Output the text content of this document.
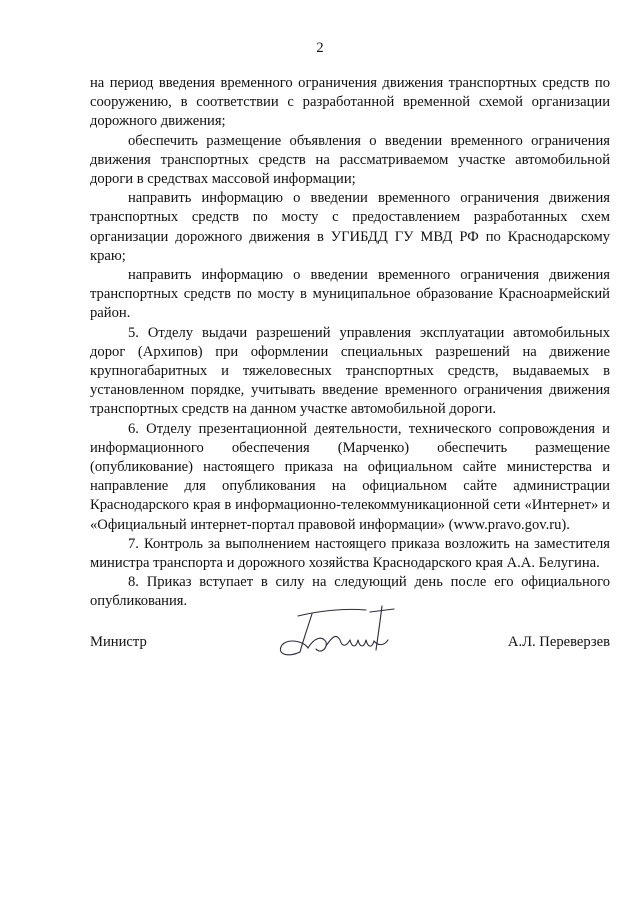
2

на период введения временного ограничения движения транспортных средств по сооружению, в соответствии с разработанной временной схемой организации дорожного движения;

обеспечить размещение объявления о введении временного ограничения движения транспортных средств на рассматриваемом участке автомобильной дороги в средствах массовой информации;

направить информацию о введении временного ограничения движения транспортных средств по мосту с предоставлением разработанных схем организации дорожного движения в УГИБДД ГУ МВД РФ по Краснодарскому краю;

направить информацию о введении временного ограничения движения транспортных средств по мосту в муниципальное образование Красноармейский район.

5. Отделу выдачи разрешений управления эксплуатации автомобильных дорог (Архипов) при оформлении специальных разрешений на движение крупногабаритных и тяжеловесных транспортных средств, выдаваемых в установленном порядке, учитывать введение временного ограничения движения транспортных средств на данном участке автомобильной дороги.

6. Отделу презентационной деятельности, технического сопровождения и информационного обеспечения (Марченко) обеспечить размещение (опубликование) настоящего приказа на официальном сайте министерства и направление для опубликования на официальном сайте администрации Краснодарского края в информационно-телекоммуникационной сети «Интернет» и «Официальный интернет-портал правовой информации» (www.pravo.gov.ru).

7. Контроль за выполнением настоящего приказа возложить на заместителя министра транспорта и дорожного хозяйства Краснодарского края А.А. Белугина.

8. Приказ вступает в силу на следующий день после его официального опубликования.

Министр	А.Л. Переверзев
